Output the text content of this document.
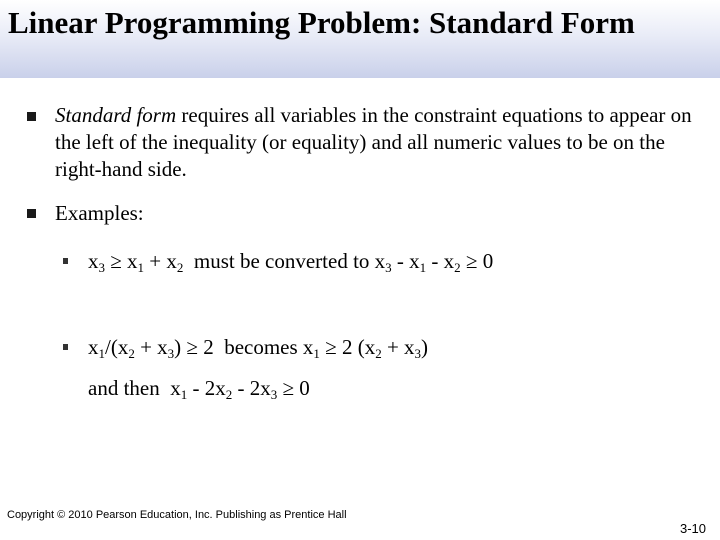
Linear Programming Problem: Standard Form
Standard form requires all variables in the constraint equations to appear on the left of the inequality (or equality) and all numeric values to be on the right-hand side.
Examples:
$x_3 \ge x_1 + x_2$  must be converted to $x_3 - x_1 - x_2 \ge 0$
$x_1/(x_2 + x_3) \ge 2$  becomes $x_1 \ge 2$ $(x_2 + x_3)$
and then  $x_1 - 2x_2 - 2x_3 \ge 0$
Copyright © 2010 Pearson Education, Inc. Publishing as Prentice Hall
3-10
